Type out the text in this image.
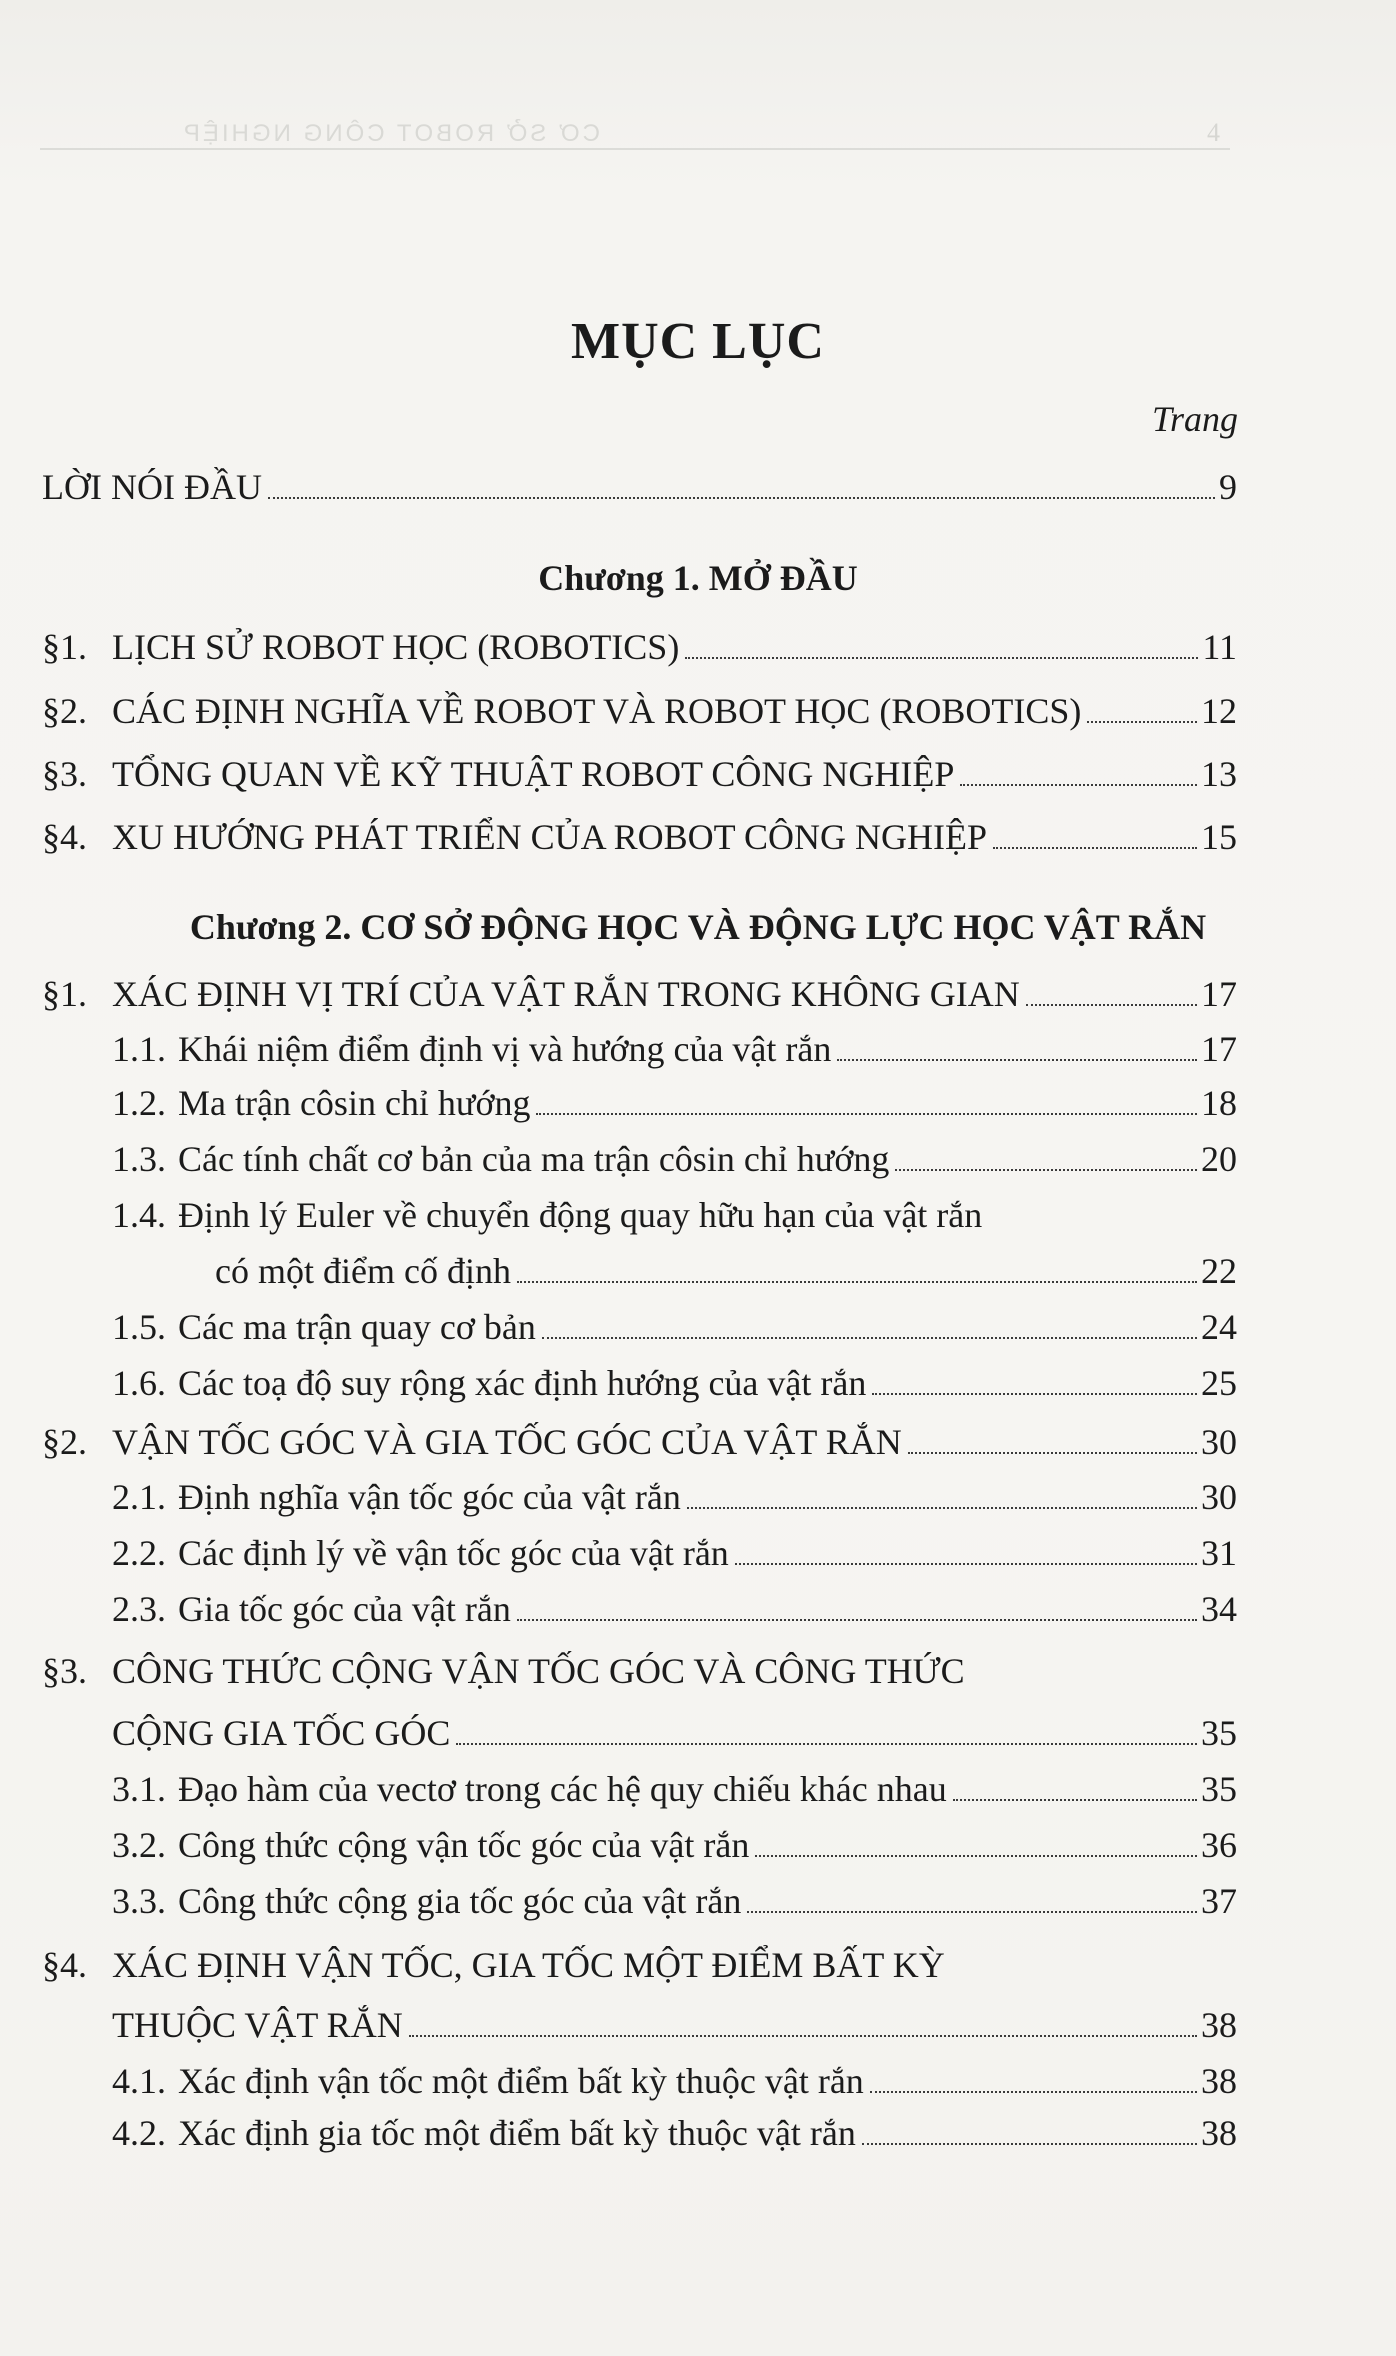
CƠ SỞ ROBOT CÔNG NGHIỆP	4
MỤC LỤC
Trang
LỜI NÓI ĐẦU	9
Chương 1. MỞ ĐẦU
§1. LỊCH SỬ ROBOT HỌC (ROBOTICS)	11
§2. CÁC ĐỊNH NGHĨA VỀ ROBOT VÀ ROBOT HỌC (ROBOTICS)	12
§3. TỔNG QUAN VỀ KỸ THUẬT ROBOT CÔNG NGHIỆP	13
§4. XU HƯỚNG PHÁT TRIỂN CỦA ROBOT CÔNG NGHIỆP	15
Chương 2. CƠ SỞ ĐỘNG HỌC VÀ ĐỘNG LỰC HỌC VẬT RẮN
§1. XÁC ĐỊNH VỊ TRÍ CỦA VẬT RẮN TRONG KHÔNG GIAN	17
1.1. Khái niệm điểm định vị và hướng của vật rắn	17
1.2. Ma trận côsin chỉ hướng	18
1.3. Các tính chất cơ bản của ma trận côsin chỉ hướng	20
1.4. Định lý Euler về chuyển động quay hữu hạn của vật rắn
có một điểm cố định	22
1.5. Các ma trận quay cơ bản	24
1.6. Các toạ độ suy rộng xác định hướng của vật rắn	25
§2. VẬN TỐC GÓC VÀ GIA TỐC GÓC CỦA VẬT RẮN	30
2.1. Định nghĩa vận tốc góc của vật rắn	30
2.2. Các định lý về vận tốc góc của vật rắn	31
2.3. Gia tốc góc của vật rắn	34
§3. CÔNG THỨC CỘNG VẬN TỐC GÓC VÀ CÔNG THỨC
CỘNG GIA TỐC GÓC	35
3.1. Đạo hàm của vectơ trong các hệ quy chiếu khác nhau	35
3.2. Công thức cộng vận tốc góc của vật rắn	36
3.3. Công thức cộng gia tốc góc của vật rắn	37
§4. XÁC ĐỊNH VẬN TỐC, GIA TỐC MỘT ĐIỂM BẤT KỲ
THUỘC VẬT RẮN	38
4.1. Xác định vận tốc một điểm bất kỳ thuộc vật rắn	38
4.2. Xác định gia tốc một điểm bất kỳ thuộc vật rắn	38
